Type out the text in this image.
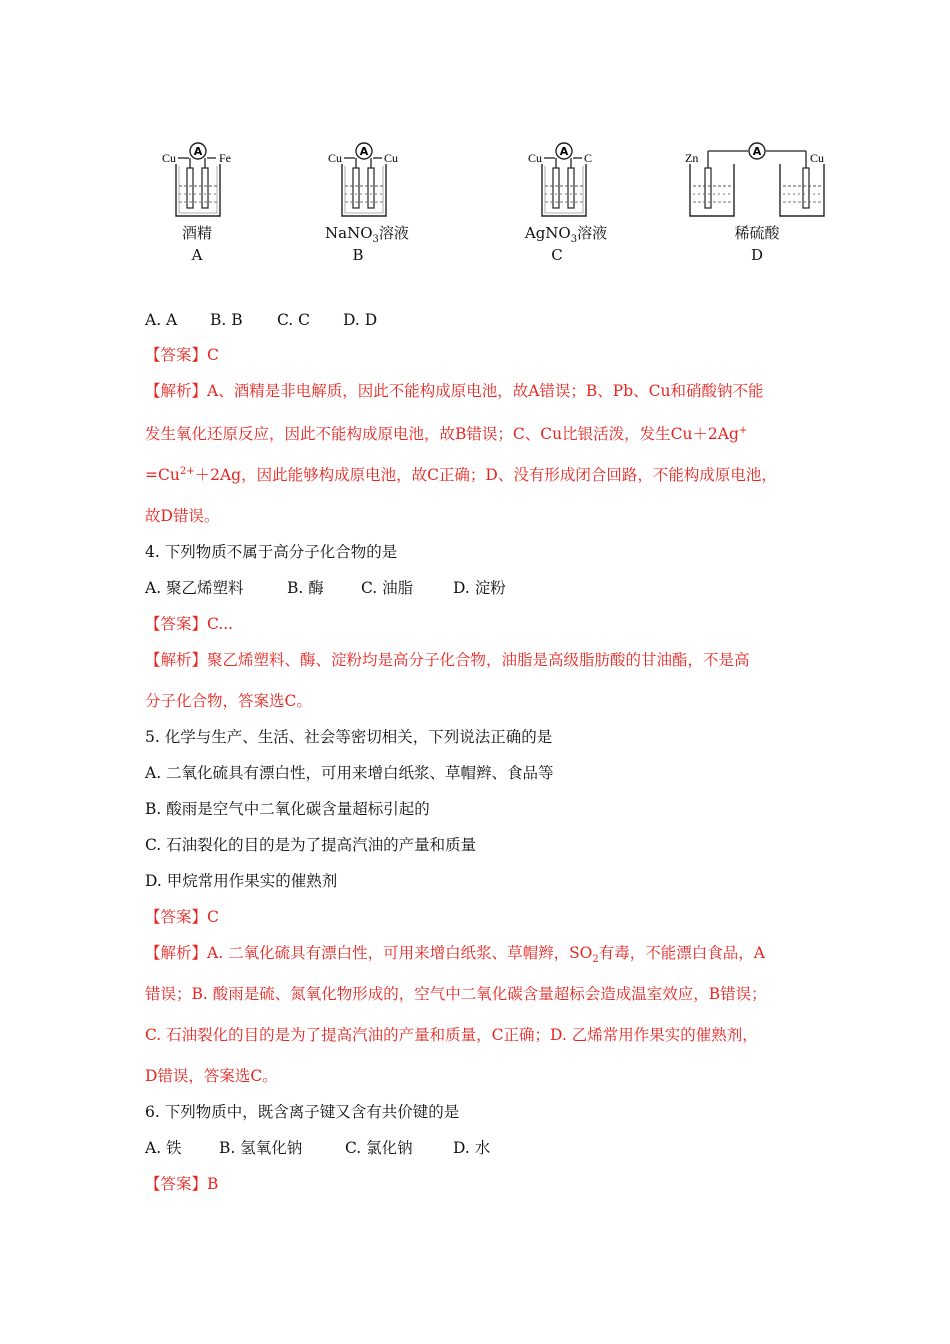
A
Cu	Fe
酒精
A
A
Cu	Cu
NaNO$_3$溶液
B
A
Cu	C
AgNO$_3$溶液
C
A
Zn	Cu
稀硫酸
D
A. A B. B C. C D. D
【答案】C
【解析】A、酒精是非电解质，因此不能构成原电池，故A错误；B、Pb、Cu和硝酸钠不能
发生氧化还原反应，因此不能构成原电池，故B错误；C、Cu比银活泼，发生Cu＋2Ag+
$=Cu^{2+}+2Ag$，因此能够构成原电池，故C正确；D、没有形成闭合回路，不能构成原电池，
故D错误。
4. 下列物质不属于高分子化合物的是
A. 聚乙烯塑料	B. 酶 C. 油脂	D. 淀粉
【答案】C...
【解析】聚乙烯塑料、酶、淀粉均是高分子化合物，油脂是高级脂肪酸的甘油酯，不是高
分子化合物，答案选C。
5. 化学与生产、生活、社会等密切相关，下列说法正确的是
A. 二氧化硫具有漂白性，可用来增白纸浆、草帽辫、食品等
B. 酸雨是空气中二氧化碳含量超标引起的
C. 石油裂化的目的是为了提高汽油的产量和质量
D. 甲烷常用作果实的催熟剂
【答案】C
【解析】A. 二氧化硫具有漂白性，可用来增白纸浆、草帽辫，$SO_2$有毒，不能漂白食品，A
错误；B. 酸雨是硫、氮氧化物形成的，空气中二氧化碳含量超标会造成温室效应，B错误；
C. 石油裂化的目的是为了提高汽油的产量和质量，C正确；D. 乙烯常用作果实的催熟剂，
D错误，答案选C。
6. 下列物质中，既含离子键又含有共价键的是
A. 铁 B. 氢氧化钠	C. 氯化钠	D. 水
【答案】B
